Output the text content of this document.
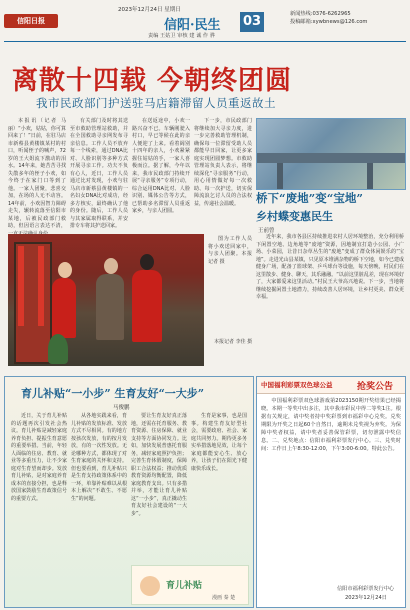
信阳日报
2023年12月24日 星期日
信阳·民生
责编 王姑卫 审核 建 诚 作 骅
03	新闻热线:0376-6262965
投稿邮箱:xywbnews@126.com
离散十四载 今朝终团圆
我市民政部门护送驻马店籍滞留人员重返故土

本报讯（记者 马 丽）“小欢，姑姑，你可算回来了！”日前，在驻马店市新蔡县黄楼镇某村的村口，听闻侄子的喊声，72岁的王大姐流下激动的泪水。14年来，她苦苦寻找失散多年的侄子小欢，如今终于在家门口等到了他。一家人团聚，悲喜交加，在场的人无不动容。14年前，小欢因智力障碍走失，辗转流落至信阳市某地，后被民政部门救助，但因语言表达不清，

有关部门及时将其送至市救助管理站救助，并在全国救助寻亲网发布寻亲信息。工作人员不放弃每一个线索，通过DNA比对、人脸识别等多种方式开展寻亲工作。功夫不负有心人，近日，工作人员通过比对发现，小欢与驻马店市新蔡县黄楼镇的一名妇女DNA比对成功，经多方核实，最终确认了他的身份。随后，工作人员与其家属取得联系，并安排专车将其护送回家。

在送返途中，小欢一路兴奋不已。车辆刚驶入村口，早已等候在此的亲人便迎了上来。看着阔别十四年的亲人，小欢紧紧握住姑姑的手，一家人喜极而泣。据了解，今年以来，我市民政部门持续开展“寻亲服务”专项行动，综合运用DNA比对、人脸识别、媒体公告等方式，已帮助多名滞留人员重返家乡，与亲人团圆。

下一步，市民政部门将继续加大寻亲力度，进一步完善救助管理机制，确保每一位滞留受助人员都能早日回家，让更多家庭实现团圆梦想。市救助管理站负责人表示，将继续深化“寻亲服务”行动，用心用情做好每一次救助、每一次护送，切实保障流浪乞讨人员的合法权益，传递社会温暖。

图为工作人员将小欢送回家中，与亲人团聚。本报记者 摄

本报记者 李佳 摄
桥下“废地”变“宝地”
乡村蝶变惠民生
王前曾

近年来，我市各县区持续推进农村人居环境整治，充分利用桥下闲置空地、边角地等“废地”资源，因地制宜打造小公园、小广场、小菜园，让昔日杂草丛生的“废地”变成了群众休闲娱乐的“宝地”。走进光山县某镇，只见原本堆满杂物的桥下空地，如今已建成健身广场，配备了篮球架、乒乓球台等设施，每天傍晚，村民们在这里散步、健身、聊天，其乐融融。“以前这里脏乱差，现在环境好了，大家都爱来这里活动。”村民王大爷高兴地说。下一步，当地将继续挖掘闲置土地潜力，持续改善人居环境，让乡村更美、群众更幸福。

中国福利彩票双色球公益	抢奖公告

中国福利彩票双色球游戏第2023150期开奖结果已经揭晓。本期一等奖中出多注，其中我市彩民中得二等奖1注。根据有关规定，请中奖者持中奖彩票到市福彩中心兑奖。兑奖期限为开奖之日起60个自然日，逾期未兑奖视为弃奖。为保障中奖者权益，请中奖者妥善保管彩票，切勿泄露中奖信息。二、兑奖地点：信阳市福利彩票发行中心。三、兑奖时间：工作日上午8:30-12:00，下午3:00-6:00。特此公告。

信阳市福利彩票发行中心
2023年12月24日
育儿补贴“一小步” 生育友好“一大步”
马俊鹏

近日，关于育儿补贴的话题再次引发社会热议。育儿补贴是减轻家庭养育负担、提振生育意愿的重要举措。当前，年轻人面临的住房、教育、就业等多重压力，让不少家庭对生育望而却步。发放育儿补贴，是对家庭养育成本的直接分担，也是释放国家鼓励生育政策信号的重要方式。

从各地实践来看，育儿补贴的发放标准、发放方式不尽相同。有的地方按孩次发放，有的按月发放，有的一次性发放。无论哪种方式，都体现了对生育家庭的关怀和支持。但也要看到，育儿补贴只是生育支持政策体系中的一环，单靠补贴难以从根本上解决“不敢生、不愿生”的问题。

要让生育友好真正落地，还需在托育服务、教育资源、住房保障、就业支持等方面协同发力。比如，加快发展普惠托育服务，减轻家庭照护负担；完善生育休假制度，保障职工合法权益；推动优质教育资源均衡配置，降低家庭教育支出。只有多措并举，才能让育儿补贴这“一小步”，真正撬动生育友好社会建设的“一大步”。

生育是家事，也是国事。构建生育友好型社会，需要政府、社会、家庭共同努力。期待更多务实举措落地见效，让每个家庭都能安心生、放心养，让孩子们在阳光下健康快乐成长。

育儿补贴
漫画 秦 楚
